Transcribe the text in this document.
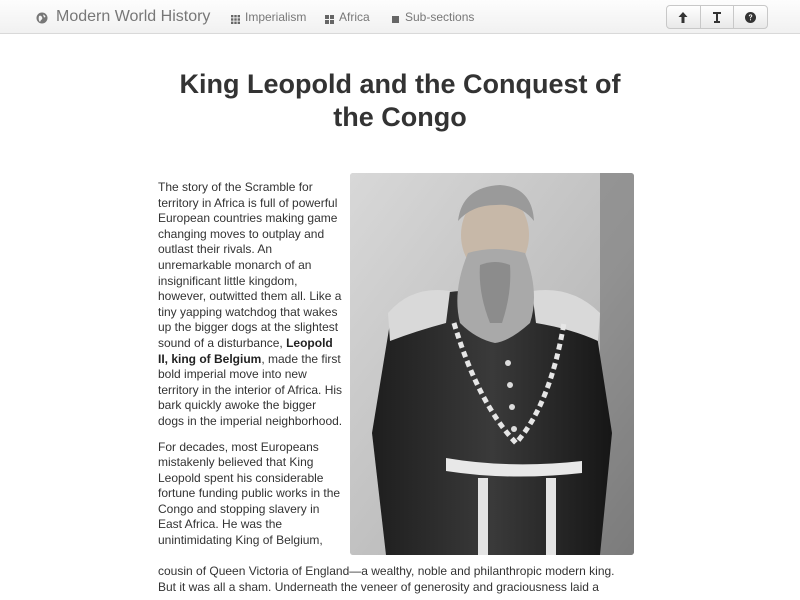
Modern World History	Imperialism	Africa	Sub-sections
King Leopold and the Conquest of the Congo

The story of the Scramble for territory in Africa is full of powerful European countries making game changing moves to outplay and outlast their rivals. An unremarkable monarch of an insignificant little kingdom, however, outwitted them all. Like a tiny yapping watchdog that wakes up the bigger dogs at the slightest sound of a disturbance, Leopold II, king of Belgium, made the first bold imperial move into new territory in the interior of Africa. His bark quickly awoke the bigger dogs in the imperial neighborhood.

For decades, most Europeans mistakenly believed that King Leopold spent his considerable fortune funding public works in the Congo and stopping slavery in East Africa. He was the unintimidating King of Belgium,

cousin of Queen Victoria of England—a wealthy, noble and philanthropic modern king.
But it was all a sham. Underneath the veneer of generosity and graciousness laid a
